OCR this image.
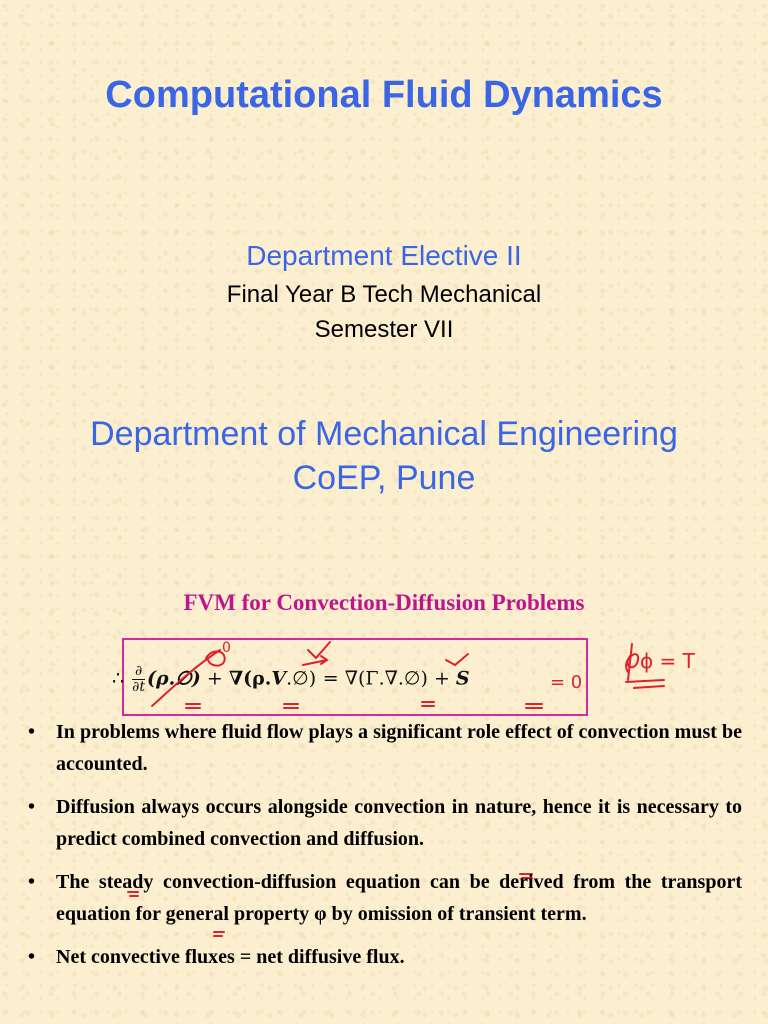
Computational Fluid Dynamics
Department Elective II
Final Year B Tech Mechanical
Semester VII
Department of Mechanical Engineering
CoEP, Pune
FVM for Convection-Diffusion Problems
∴ $\frac{\partial}{\partial t}$ (ρ.∅) + ∇(ρ.V.∅) = ∇(Γ.∇.∅) + S	= 0
ϕ = T
0
• In problems where fluid flow plays a significant role effect of convection must be accounted.
• Diffusion always occurs alongside convection in nature, hence it is necessary to predict combined convection and diffusion.
• The steady convection-diffusion equation can be derived from the transport equation for general property φ by omission of transient term.
• Net convective fluxes = net diffusive flux.
